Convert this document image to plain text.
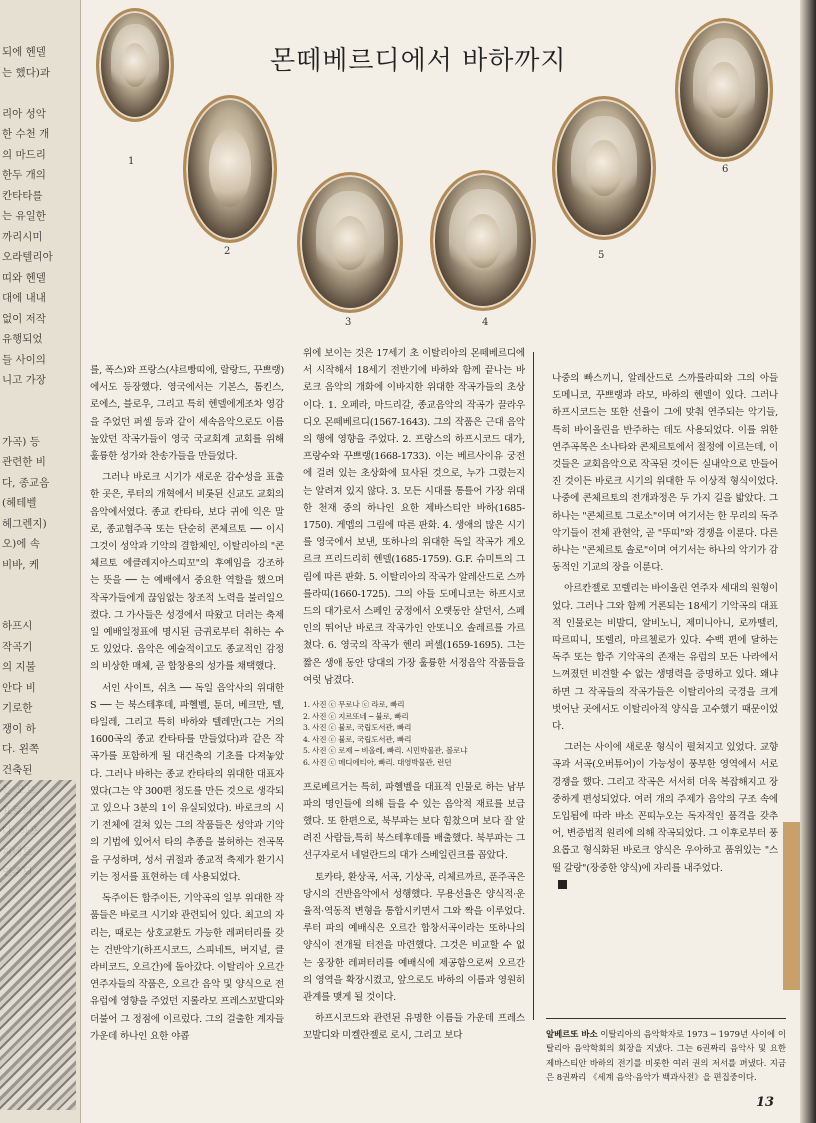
되에 헨델
는 했다)과
리아 성악
한 수천 개
의 마드리
한두 개의
칸타타를
는 유일한
까리시미
오라텔리아
띠와 헨델
대에 내내
없이 저작
유행되었
들 사이의
니고 가장
가곡) 등
관련한 비
다, 종교음
(헤테벨
헤그렌지)
오)에 속
비바, 케
하프시
작곡기
의 지불
안다 비
기로한
쟁이 하
다. 왼쪽
건축된
몬떼베르디에서 바하까지
1
2
3	4
5
6

를, 폭스)와 프랑스(샤르빵띠에, 랄랑드, 꾸쁘랭)에서도 등장했다. 영국에서는 기본스, 톰킨스, 로에스, 블로우, 그리고 특히 헨델에게조차 영감을 주었던 퍼셀 등과 같이 세속음악으로도 이름높았던 작곡가들이 영국 국교회계 교회를 위해 훌륭한 성가와 찬송가들을 만들었다.

그러나 바로크 시기가 새로운 감수성을 표출한 곳은, 루터의 개혁에서 비롯된 신교도 교회의 음악에서였다. 종교 칸타타, 보다 귀에 익은 말로, 종교협주곡 또는 단순히 콘체르토 ── 이시 그것이 성악과 기악의 결합체인, 이탈리아의 "콘체르토 에클레지아스띠꼬"의 후예임을 강조하는 뜻을 ── 는 예배에서 중요한 역할을 했으며 작곡가들에게 끊임없는 창조적 노력을 불러일으켰다. 그 가사들은 성경에서 따왔고 더러는 축제일 예배일정표에 명시된 금귀로부터 취하는 수도 있었다. 음악은 예술적이고도 종교적인 감정의 비상한 매체, 곧 합창용의 성가를 채택했다.

서인 사이트, 쉬츠 ── 독일 음악사의 위대한 S ── 는 북스테후데, 파헬벨, 툰더, 베크만, 텔, 타일레, 그리고 특히 바하와 텔레만(그는 거의 1600곡의 종교 칸타타를 만들었다)과 같은 작곡가를 포함하게 될 대건축의 기초를 다져놓았다. 그러나 바하는 종교 칸타타의 위대한 대표자였다(그는 약 300편 정도를 만든 것으로 생각되고 있으나 3분의 1이 유실되었다). 바로크의 시기 전체에 걸쳐 있는 그의 작품들은 성악과 기악의 기법에 있어서 타의 추종을 불허하는 전곡목을 구성하며, 성서 귀절과 종교적 축제가 환기시키는 정서를 표현하는 데 사용되었다.

독주이든 합주이든, 기악곡의 일부 위대한 작품들은 바로크 시기와 관련되어 있다. 최고의 자리는, 때로는 상호교환도 가능한 레퍼터리를 갖는 건반악기(하프시코드, 스피네트, 버지널, 클라비코드, 오르간)에 돌아갔다. 이탈리아 오르간 연주자들의 작품은, 오르간 음악 및 양식으로 전 유럽에 영향을 주었던 지롤라모 프레스꼬발디와 더불어 그 정점에 이르렀다. 그의 걸출한 계자들 가운데 하나인 요한 야콥

위에 보이는 것은 17세기 초 이탈리아의 몬떼베르디에서 시작해서 18세기 전반기에 바하와 함께 끝나는 바로크 음악의 개화에 이바지한 위대한 작곡가들의 초상이다. 1. 오페라, 마드리갈, 종교음악의 작곡가 끌라우디오 몬떼베르디(1567-1643). 그의 작품은 근대 음악의 행에 영향을 주었다. 2. 프랑스의 하프시코드 대가, 프랑수와 꾸쁘랭(1668-1733). 이는 베르사이유 궁전에 걸려 있는 초상화에 묘사된 것으로, 누가 그렸는지는 알려져 있지 않다. 3. 모든 시대를 통틀어 가장 위대한 천재 중의 하나인 요한 제바스티안 바하(1685-1750). 게멥의 그림에 따른 판화. 4. 생애의 많은 시기를 영국에서 보낸, 또하나의 위대한 독일 작곡가 게오르크 프리드리히 헨델(1685-1759). G.F. 슈미트의 그림에 따른 판화. 5. 이탈리아의 작곡가 알레산드로 스까를라띠(1660-1725). 그의 아들 도메니코는 하프시코드의 대가로서 스페인 궁정에서 오랫동안 살던서, 스페인의 뛰어난 바로크 작곡가인 안또니오 솔레르를 가르쳤다. 6. 영국의 작곡가 헨리 퍼셀(1659-1695). 그는 짧은 생애 동안 당대의 가장 훌륭한 서정음악 작품들을 여럿 남겼다.

1. 사진 ⓒ 무로나 ⓒ 라로, 빠리
2. 사진 ⓒ 지르또네 ─ 뷸로, 빠리
3. 사진 ⓒ 뷸로, 국립도서관, 빠리
4. 사진 ⓒ 뷸로, 국립도서관, 빠리
5. 사진 ⓒ 로제 ─ 비올레, 빠리. 시민박물관, 볼로냐
6. 사진 ⓒ 메디에티아, 빠리. 대영박물관, 런던

프로베르거는 특히, 파헬벨을 대표적 인물로 하는 남부파의 명인들에 의해 들을 수 있는 음악적 재료를 보급했다. 또 한편으로, 북부파는 보다 힘찼으며 보다 잘 알려진 사람들,특히 북스테후데를 배출했다. 북부파는 그 선구자로서 네덜란드의 대가 스베일린크를 꼽았다.

토카타, 환상곡, 서곡, 기상곡, 리체르까르, 푼주곡은 당시의 건반음악에서 성행했다. 무용선율은 양식적·운율적·역동적 변형을 통합시키면서 그와 짝을 이루었다. 루터 파의 예배식은 오르간 합창서곡이라는 또하나의 양식이 전개될 터전을 마련했다. 그것은 비교할 수 없는 웅장한 레퍼터리를 예배식에 제공함으로써 오르간의 영역을 확장시켰고, 앞으로도 바하의 이름과 영원히 관계를 맺게 될 것이다.

하프시코드와 관련된 유명한 이름들 가운데 프레스꼬발디와 미켈란젤로 로시, 그리고 보다

나중의 빠스끼니, 알레산드로 스까를라띠와 그의 아들 도메니코, 꾸쁘랭과 라모, 바하의 헨델이 있다. 그러나 하프시코드는 또한 선율이 그에 맞춰 연주되는 악기들, 특히 바이올린을 반주하는 데도 사용되었다. 이를 위한 연주곡목은 소나타와 콘체르토에서 절정에 이르는데, 이것들은 교회음악으로 작곡된 것이든 실내악으로 만들어진 것이든 바로크 시기의 위대한 두 이상적 형식이었다. 나중에 콘체르토의 전개과정은 두 가지 길을 밟았다. 그 하나는 "콘체르토 그로소"이며 여기서는 한 무리의 독주악기들이 전체 관현악, 곧 "뚜띠"와 경쟁을 이룬다. 다른 하나는 "콘체르토 솔로"이며 여기서는 하나의 악기가 감동적인 기교의 장을 이룬다.

아르칸젤로 꼬렐리는 바이올린 연주자 세대의 원형이었다. 그러나 그와 함께 거론되는 18세기 기악곡의 대표적 인물로는 비발디, 알비노니, 제미니아니, 로까뗄리, 따르띠니, 또렐리, 마르첼로가 있다. 수백 편에 달하는 독주 또는 합주 기악곡의 존재는 유럽의 모든 나라에서 느껴졌던 비견할 수 없는 생명력을 증명하고 있다. 왜냐하면 그 작곡들의 작곡가들은 이탈리아의 국경을 크게 벗어난 곳에서도 이탈리아적 양식을 고수했기 때문이었다.

그러는 사이에 새로운 형식이 펼쳐지고 있었다. 교향곡과 서곡(오버튜어)이 가능성이 풍부한 영역에서 서로 경쟁을 했다. 그리고 작곡은 서서히 더욱 복잡해지고 장중하게 편성되었다. 여러 개의 주제가 음악의 구조 속에 도입됨에 따라 바소 꼰띠누오는 독자적인 품격을 갖추어, 변증법적 원리에 의해 작곡되었다. 그 이후로부터 풍요롭고 형식화된 바로크 양식은 우아하고 품위있는 "스띨 갈랑"(장중한 양식)에 자리를 내주었다.

알베르또 바소 이탈리아의 음악학자로 1973 ─ 1979년 사이에 이탈리아 음악학회의 회장을 지냈다. 그는 6권짜리 음악사 및 요한 제바스티안 바하의 전기를 비롯한 여러 권의 저서를 펴냈다. 지금은 8권짜리 《세계 음악·음악가 백과사전》을 편집중이다.
13
